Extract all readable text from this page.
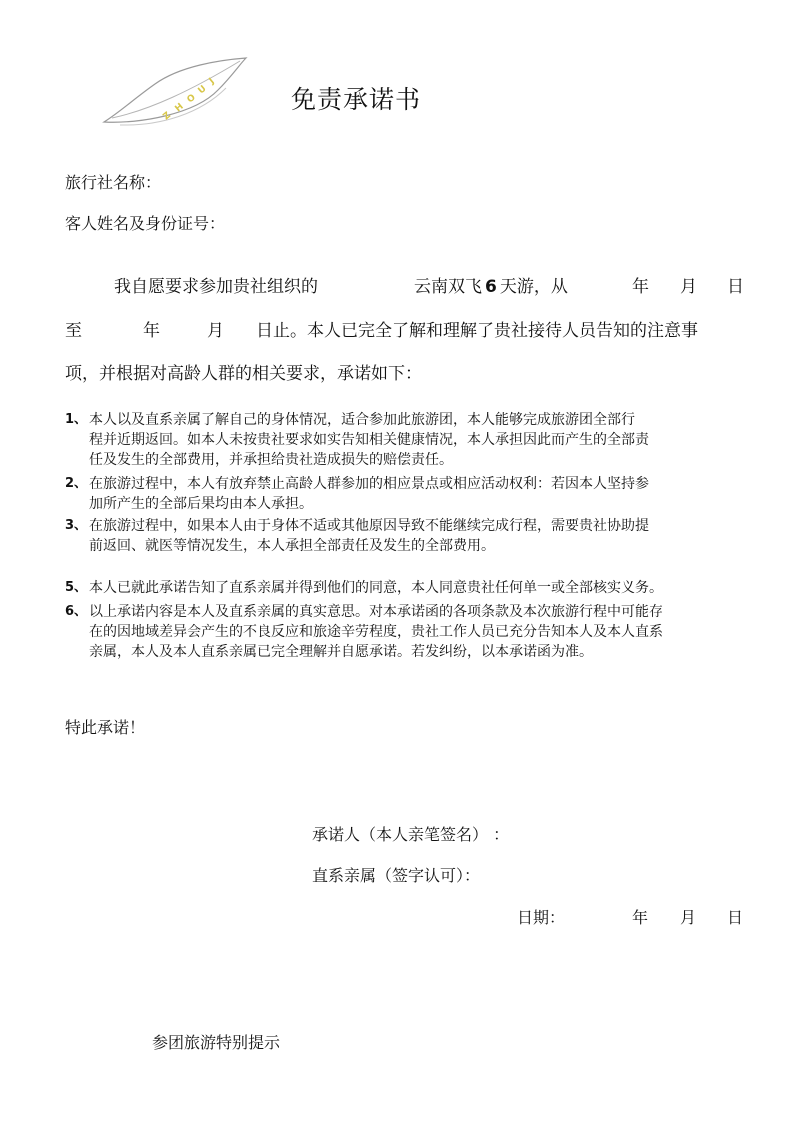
Z
H
O
U
J
免责承诺书
旅行社名称：
客人姓名及身份证号：
我自愿要求参加贵社组织的	云南双飞 6 天游，从	年 月 日
至	年	月 日止。本人已完全了解和理解了贵社接待人员告知的注意事
项，并根据对高龄人群的相关要求，承诺如下：
1、 本人以及直系亲属了解自己的身体情况，适合参加此旅游团，本人能够完成旅游团全部行
程并近期返回。如本人未按贵社要求如实告知相关健康情况，本人承担因此而产生的全部责
任及发生的全部费用，并承担给贵社造成损失的赔偿责任。
2、 在旅游过程中，本人有放弃禁止高龄人群参加的相应景点或相应活动权利：若因本人坚持参
加所产生的全部后果均由本人承担。
3、 在旅游过程中，如果本人由于身体不适或其他原因导致不能继续完成行程，需要贵社协助提
前返回、就医等情况发生，本人承担全部责任及发生的全部费用。
5、 本人已就此承诺告知了直系亲属并得到他们的同意，本人同意贵社任何单一或全部核实义务。
6、 以上承诺内容是本人及直系亲属的真实意思。对本承诺函的各项条款及本次旅游行程中可能存
在的因地域差异会产生的不良反应和旅途辛劳程度，贵社工作人员已充分告知本人及本人直系
亲属，本人及本人直系亲属已完全理解并自愿承诺。若发纠纷，以本承诺函为准。
特此承诺！
承诺人（本人亲笔签名） ：
直系亲属（签字认可）：
日期：	年 月 日
参团旅游特别提示
